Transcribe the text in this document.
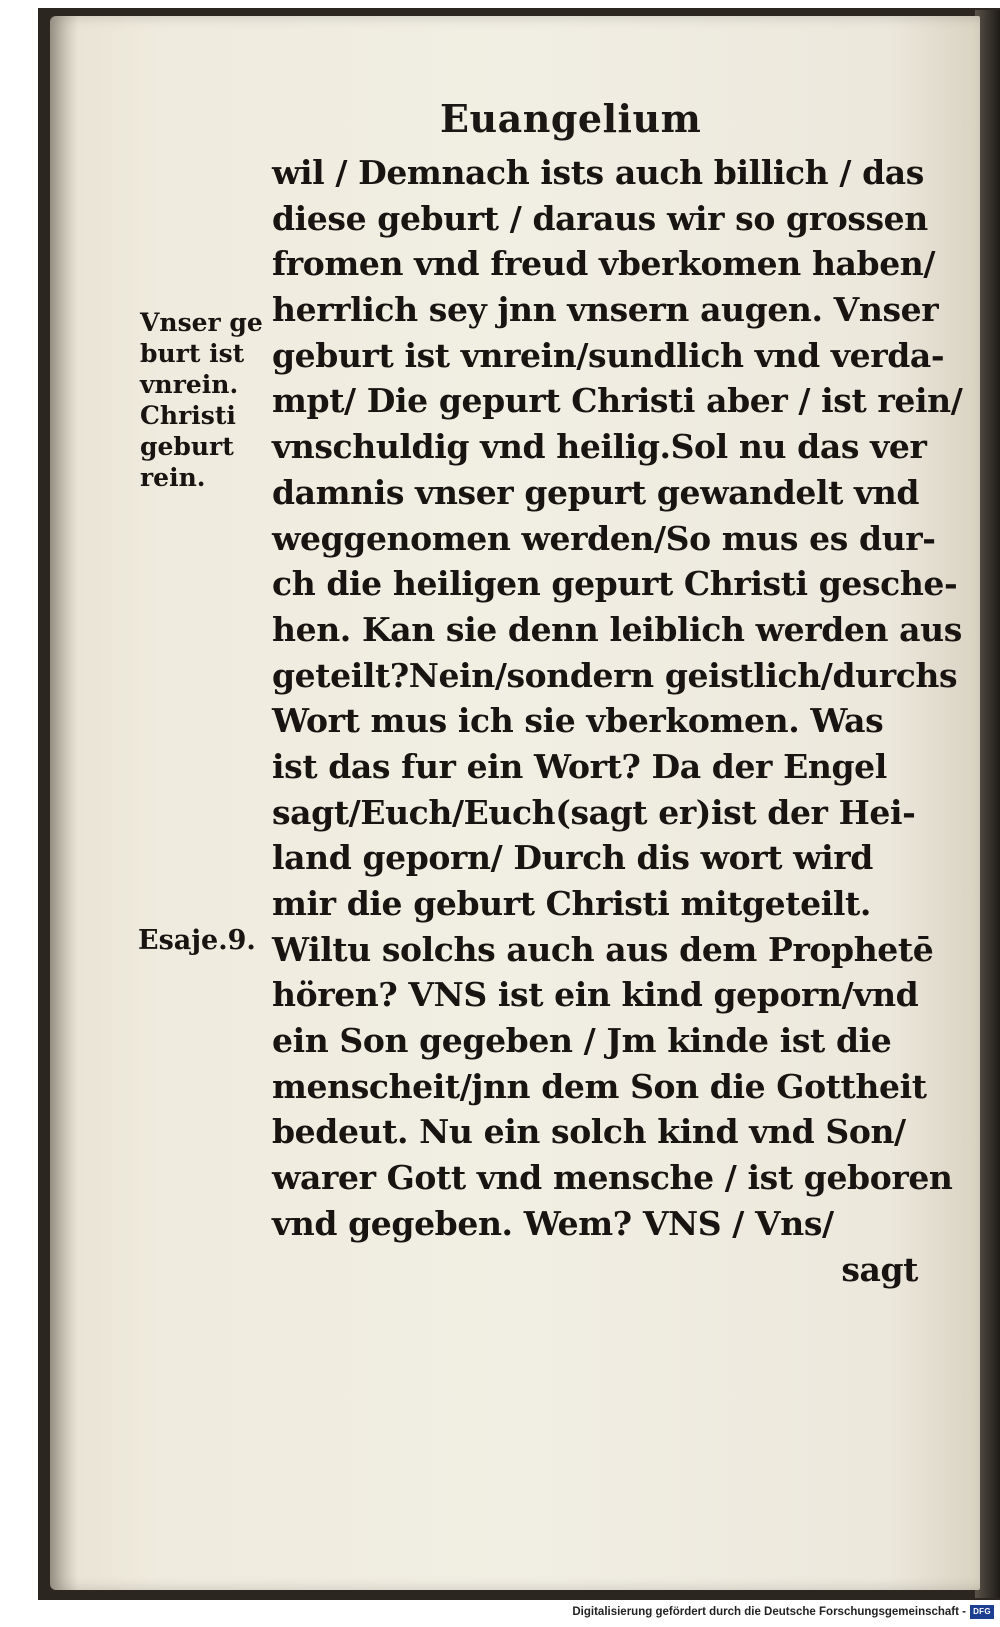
Euangelium
Vnser ge
burt ist
vnrein.
Christi
geburt
rein.
Esaje.9.
wil / Demnach ists auch billich / das
diese geburt / daraus wir so grossen
fromen vnd freud vberkomen haben/
herrlich sey jnn vnsern augen. Vnser
geburt ist vnrein/sundlich vnd verda-
mpt/ Die gepurt Christi aber / ist rein/
vnschuldig vnd heilig.Sol nu das ver
damnis vnser gepurt gewandelt vnd
weggenomen werden/So mus es dur-
ch die heiligen gepurt Christi gesche-
hen. Kan sie denn leiblich werden aus
geteilt?Nein/sondern geistlich/durchs
Wort mus ich sie vberkomen. Was
ist das fur ein Wort? Da der Engel
sagt/Euch/Euch(sagt er)ist der Hei-
land geporn/ Durch dis wort wird
mir die geburt Christi mitgeteilt.
Wiltu solchs auch aus dem Prophetē
hören? VNS ist ein kind geporn/vnd
ein Son gegeben / Jm kinde ist die
menscheit/jnn dem Son die Gottheit
bedeut. Nu ein solch kind vnd Son/
warer Gott vnd mensche / ist geboren
vnd gegeben. Wem? VNS / Vns/
sagt
Digitalisierung gefördert durch die Deutsche Forschungsgemeinschaft - DFG
